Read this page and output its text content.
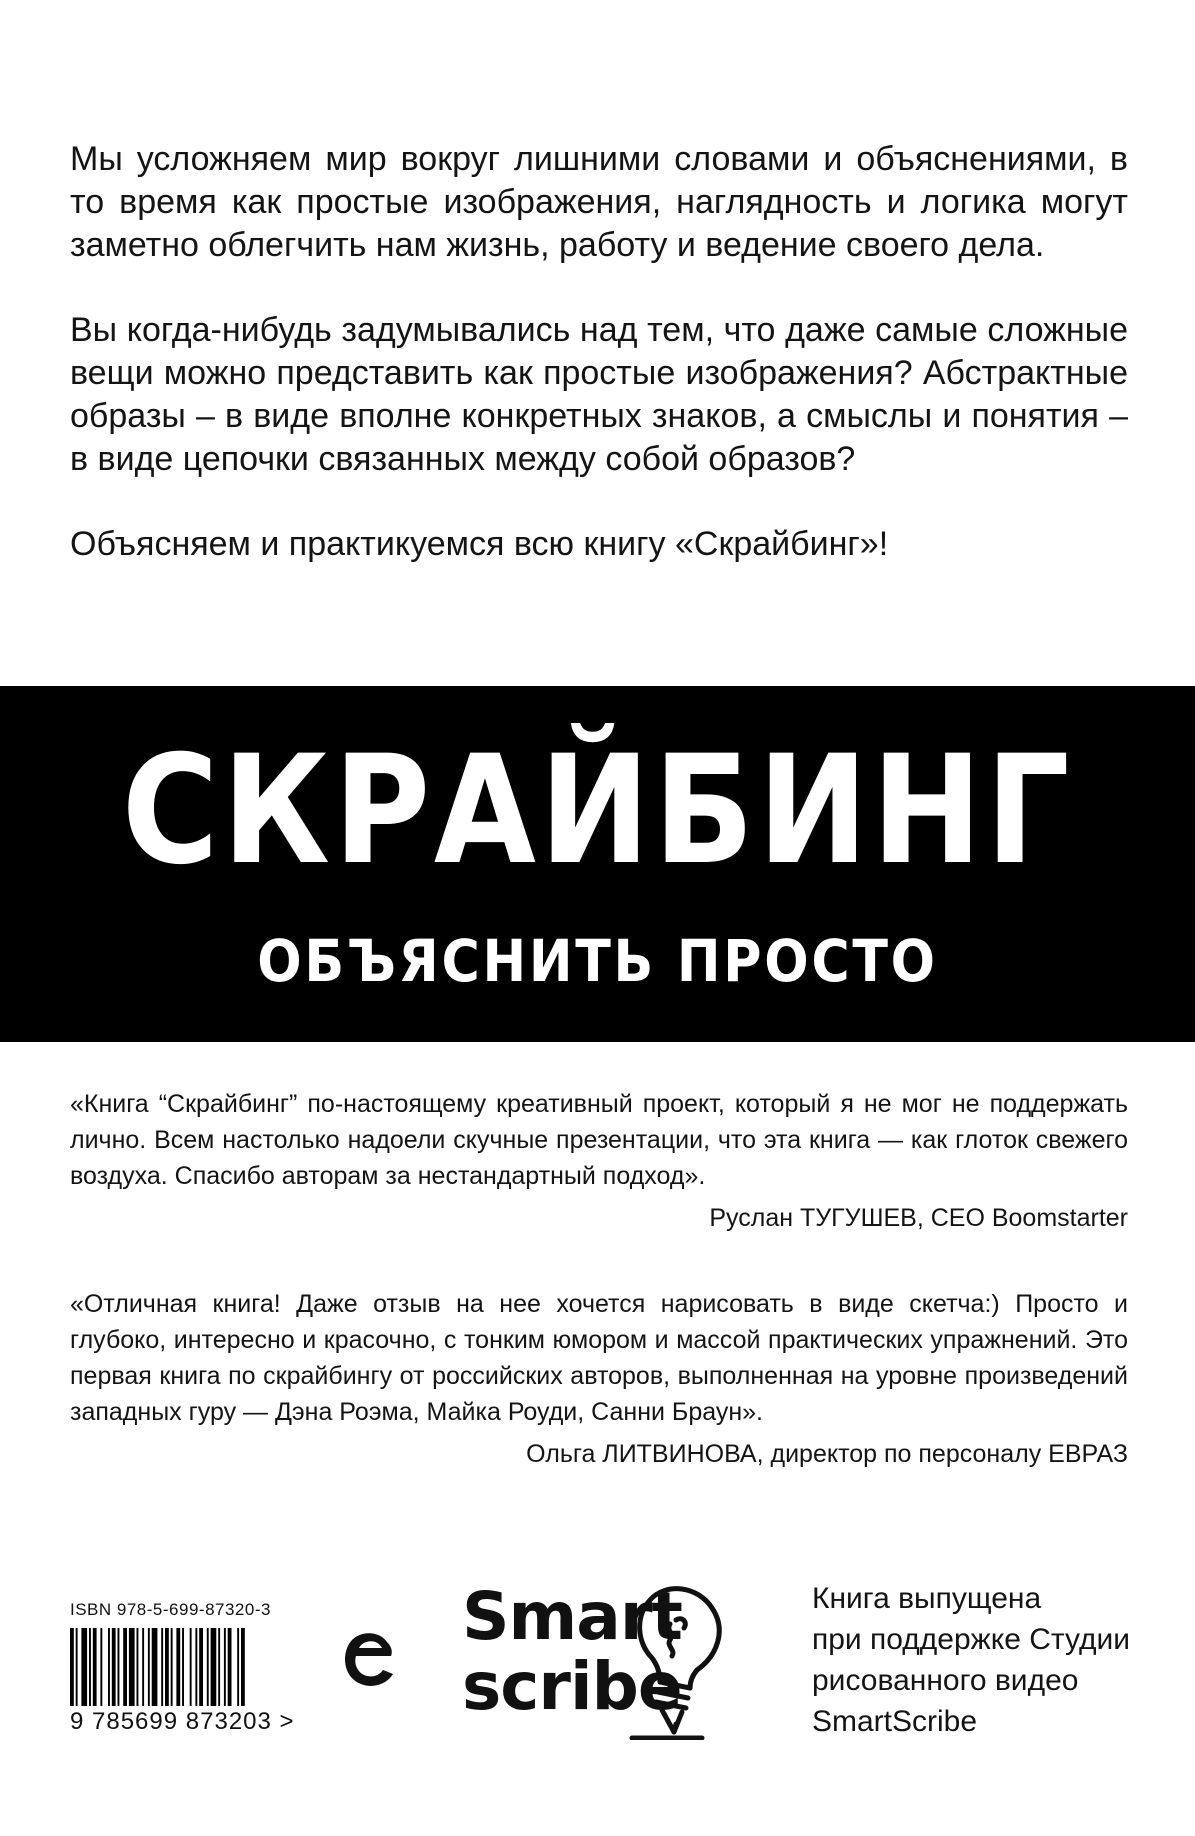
Мы усложняем мир вокруг лишними словами и объяснениями, в то время как простые изображения, наглядность и логика могут заметно облегчить нам жизнь, работу и ведение своего дела.

Вы когда-нибудь задумывались над тем, что даже самые сложные вещи можно представить как простые изображения? Абстрактные образы – в виде вполне конкретных знаков, а смыслы и понятия – в виде цепочки связанных между собой образов?

Объясняем и практикуемся всю книгу «Скрайбинг»!

СКРАЙБИНГ
ОБЪЯСНИТЬ ПРОСТО

«Книга “Скрайбинг” по-настоящему креативный проект, который я не мог не поддержать лично. Всем настолько надоели скучные презентации, что эта книга — как глоток свежего воздуха. Спасибо авторам за нестандартный подход».

Руслан ТУГУШЕВ, CEO Boomstarter

«Отличная книга! Даже отзыв на нее хочется нарисовать в виде скетча:) Просто и глубоко, интересно и красочно, с тонким юмором и массой практических упражнений. Это первая книга по скрайбингу от российских авторов, выполненная на уровне произведений западных гуру — Дэна Роэма, Майка Роуди, Санни Браун».

Ольга ЛИТВИНОВА, директор по персоналу ЕВРАЗ

ISBN 978-5-699-87320-3
9 785699 873203 >
Smart
scribe
Книга выпущена
при поддержке Студии
рисованного видео
SmartScribe
